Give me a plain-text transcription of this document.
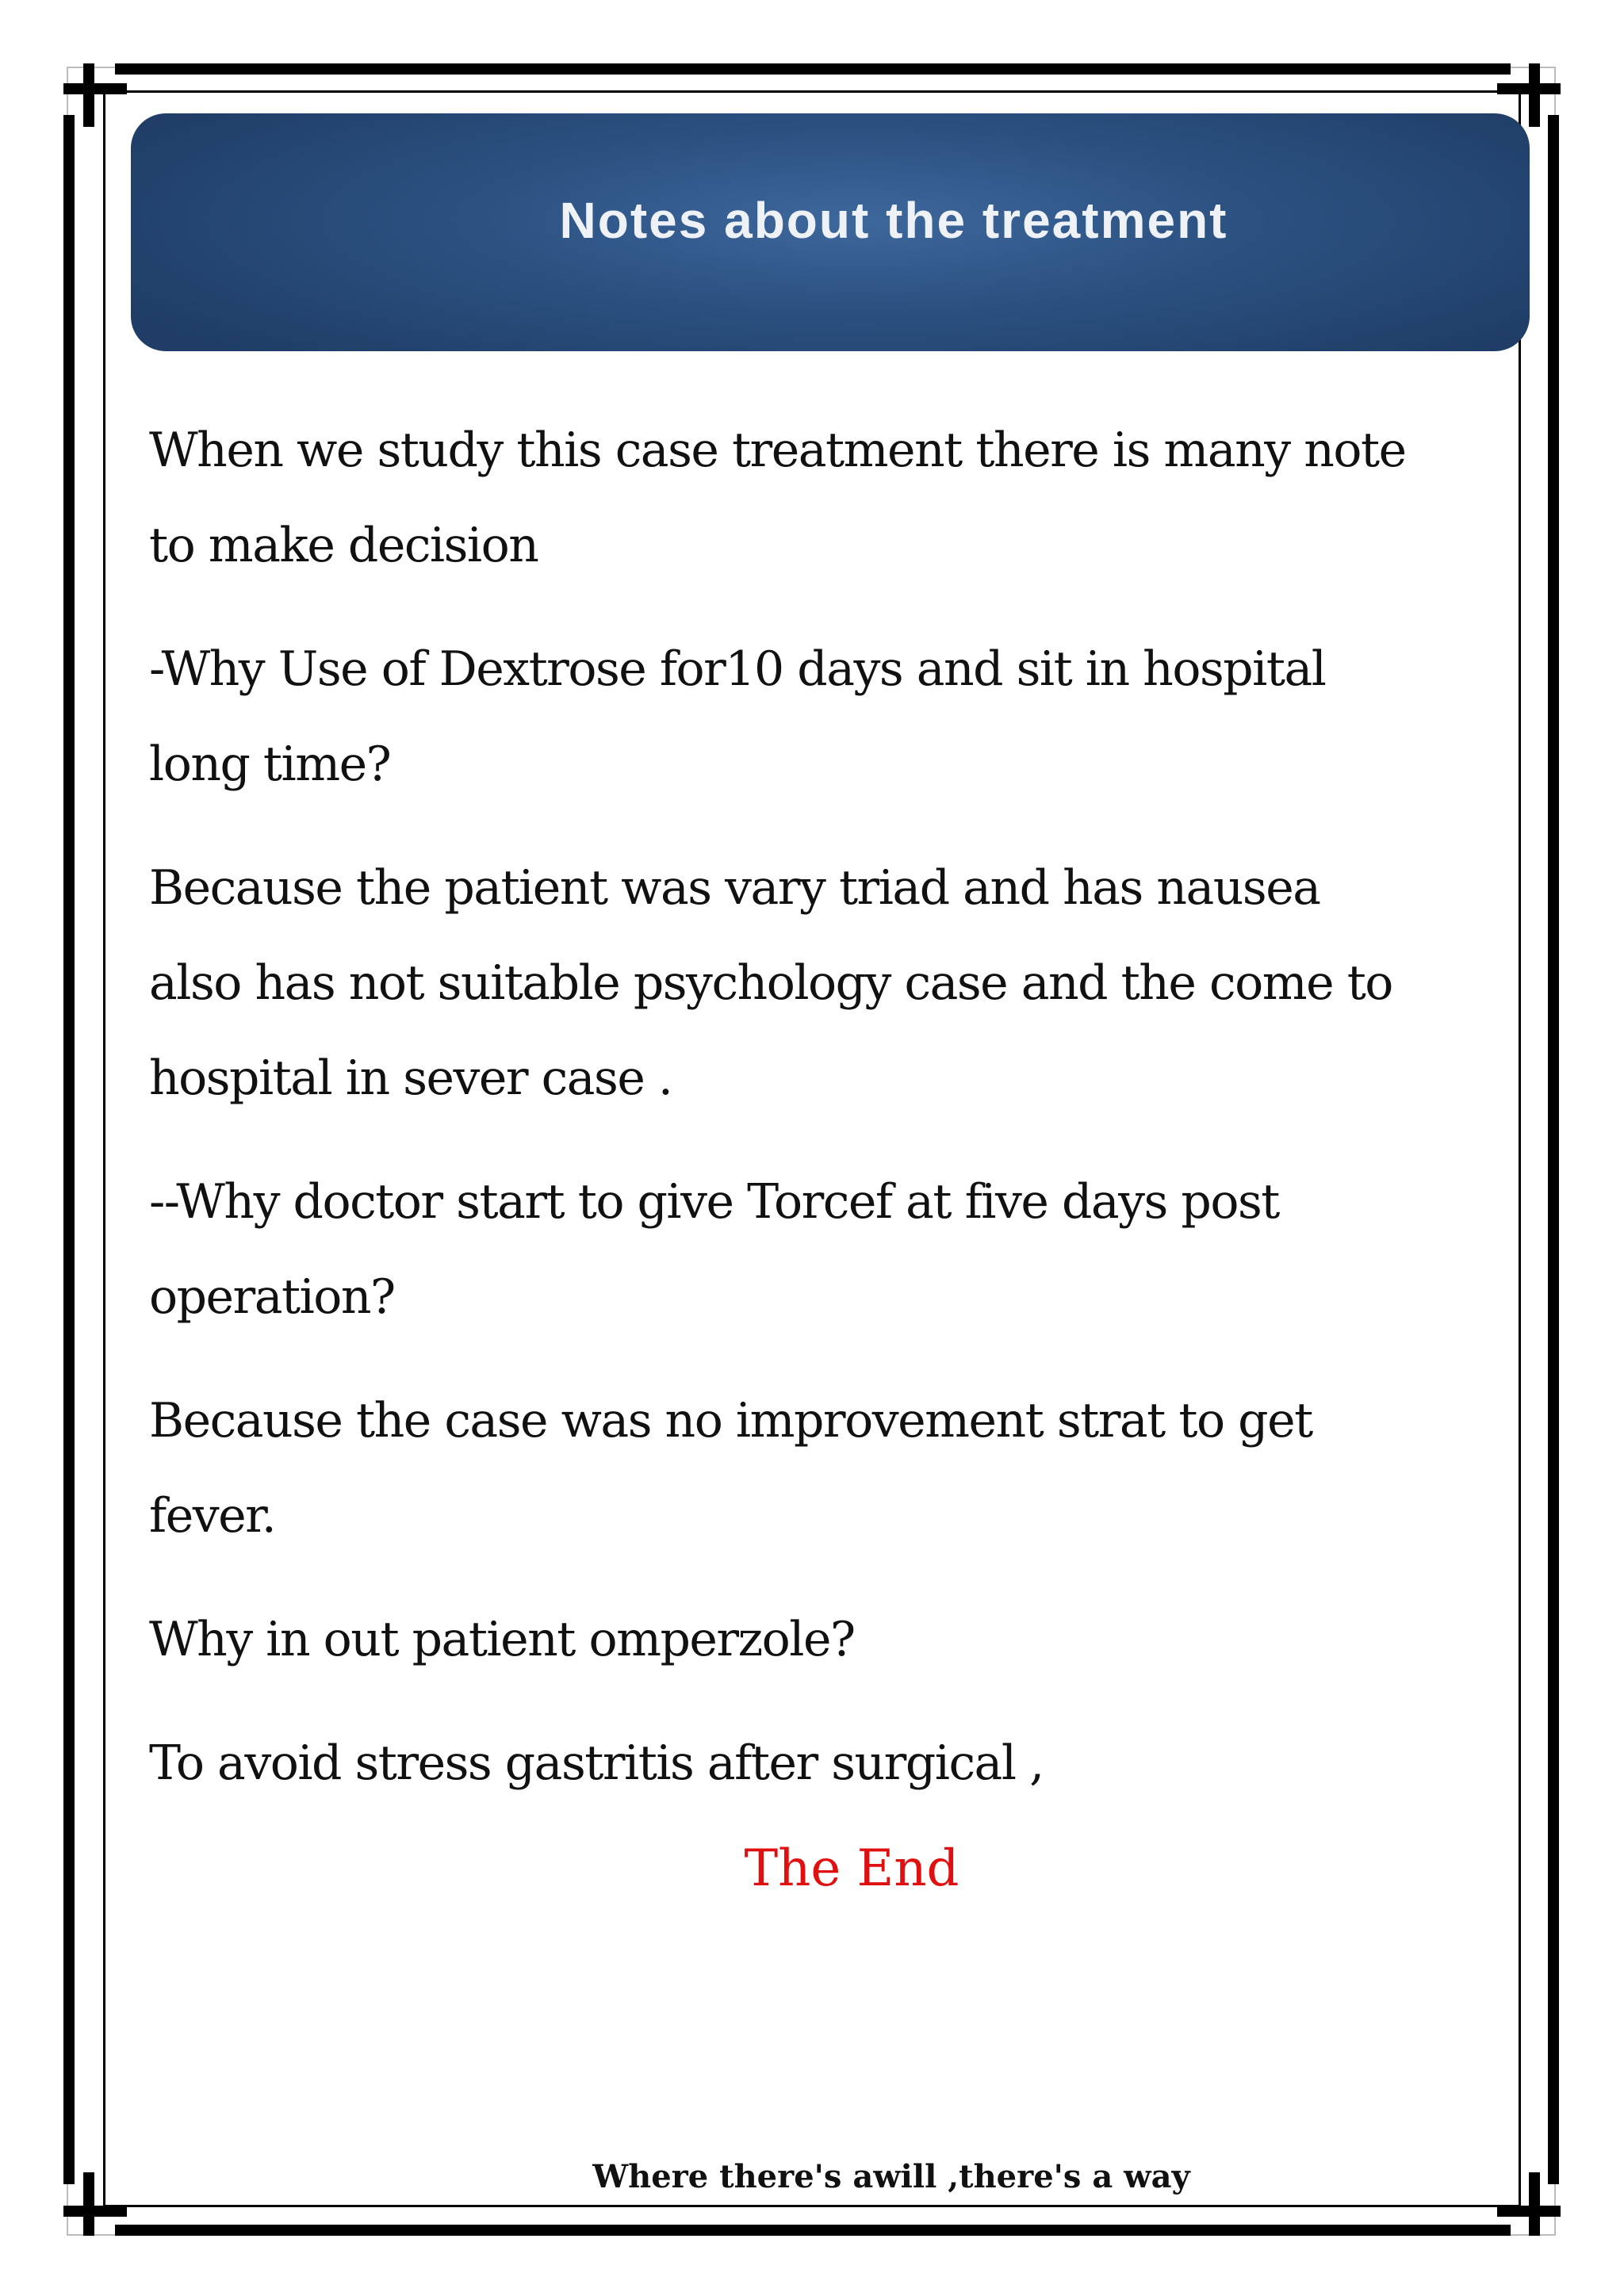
Notes about the treatment

When we study this case treatment there is many note to make decision

-Why Use of Dextrose for10 days and sit in hospital long time?

Because the patient was vary triad and has nausea also has not suitable psychology case and the come to hospital in sever case .

--Why doctor start to give Torcef at five days post operation?

Because the case was no improvement strat to get fever.

Why in out patient omperzole?

To avoid stress gastritis after surgical ,

The End
Where there's awill ,there's a way
